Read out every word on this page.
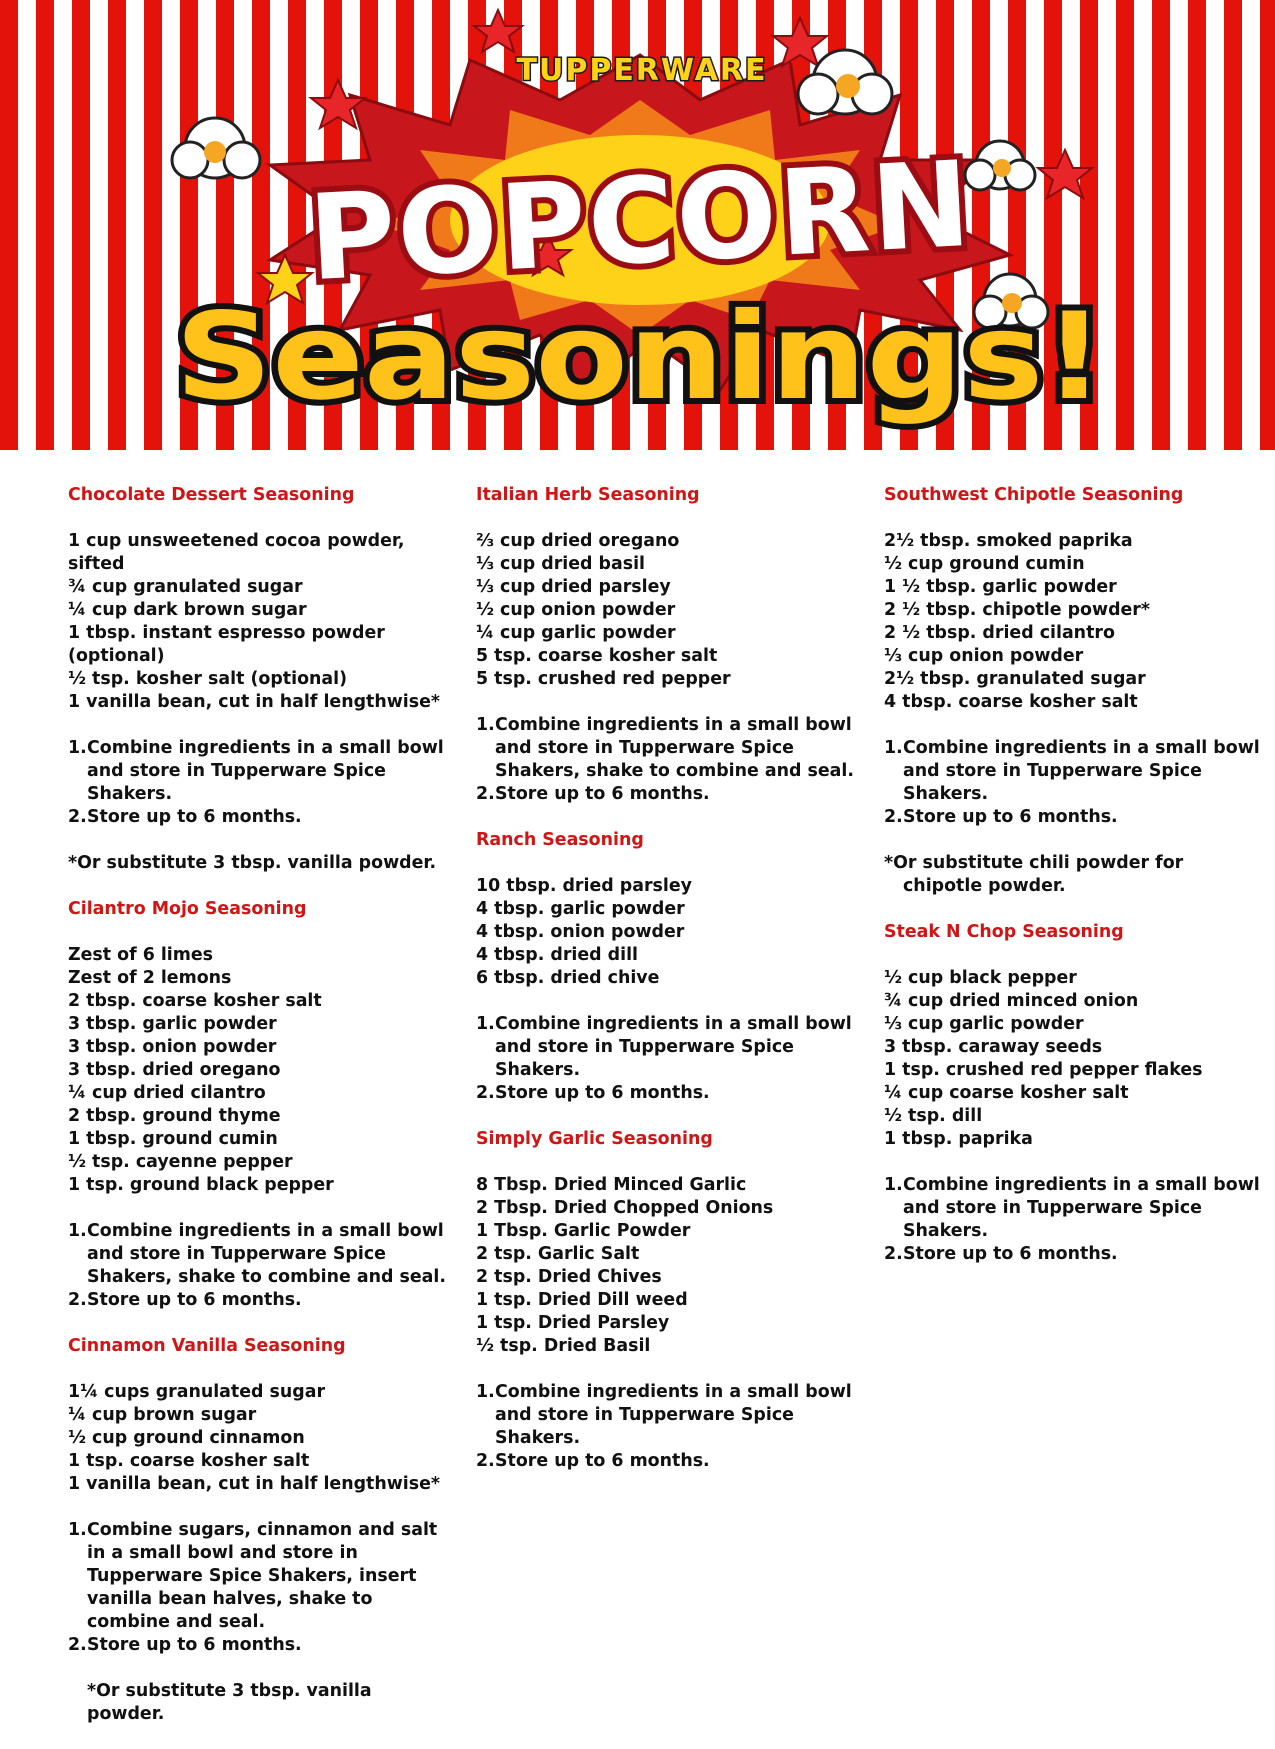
TUPPERWARE
POPCORN
Seasonings!
Chocolate Dessert Seasoning
1 cup unsweetened cocoa powder, sifted
¾ cup granulated sugar
¼ cup dark brown sugar
1 tbsp. instant espresso powder (optional)
½ tsp. kosher salt (optional)
1 vanilla bean, cut in half lengthwise*
1. Combine ingredients in a small bowl and store in Tupperware Spice Shakers.
2. Store up to 6 months.
*Or substitute 3 tbsp. vanilla powder.
Cilantro Mojo Seasoning
Zest of 6 limes
Zest of 2 lemons
2 tbsp. coarse kosher salt
3 tbsp. garlic powder
3 tbsp. onion powder
3 tbsp. dried oregano
¼ cup dried cilantro
2 tbsp. ground thyme
1 tbsp. ground cumin
½ tsp. cayenne pepper
1 tsp. ground black pepper
1. Combine ingredients in a small bowl and store in Tupperware Spice Shakers, shake to combine and seal.
2. Store up to 6 months.
Cinnamon Vanilla Seasoning
1¼ cups granulated sugar
¼ cup brown sugar
½ cup ground cinnamon
1 tsp. coarse kosher salt
1 vanilla bean, cut in half lengthwise*
1. Combine sugars, cinnamon and salt in a small bowl and store in Tupperware Spice Shakers, insert vanilla bean halves, shake to combine and seal.
2. Store up to 6 months.
*Or substitute 3 tbsp. vanilla powder.
Italian Herb Seasoning
⅔ cup dried oregano
⅓ cup dried basil
⅓ cup dried parsley
½ cup onion powder
¼ cup garlic powder
5 tsp. coarse kosher salt
5 tsp. crushed red pepper
1. Combine ingredients in a small bowl and store in Tupperware Spice Shakers, shake to combine and seal.
2. Store up to 6 months.
Ranch Seasoning
10 tbsp. dried parsley
4 tbsp. garlic powder
4 tbsp. onion powder
4 tbsp. dried dill
6 tbsp. dried chive
1. Combine ingredients in a small bowl and store in Tupperware Spice Shakers.
2. Store up to 6 months.
Simply Garlic Seasoning
8 Tbsp. Dried Minced Garlic
2 Tbsp. Dried Chopped Onions
1 Tbsp. Garlic Powder
2 tsp. Garlic Salt
2 tsp. Dried Chives
1 tsp. Dried Dill weed
1 tsp. Dried Parsley
½ tsp. Dried Basil
1. Combine ingredients in a small bowl and store in Tupperware Spice Shakers.
2. Store up to 6 months.
Southwest Chipotle Seasoning
2½ tbsp. smoked paprika
½ cup ground cumin
1 ½ tbsp. garlic powder
2 ½ tbsp. chipotle powder*
2 ½ tbsp. dried cilantro
⅓ cup onion powder
2½ tbsp. granulated sugar
4 tbsp. coarse kosher salt
1. Combine ingredients in a small bowl and store in Tupperware Spice Shakers.
2. Store up to 6 months.
*Or substitute chili powder for chipotle powder.
Steak N Chop Seasoning
½ cup black pepper
¾ cup dried minced onion
⅓ cup garlic powder
3 tbsp. caraway seeds
1 tsp. crushed red pepper flakes
¼ cup coarse kosher salt
½ tsp. dill
1 tbsp. paprika
1. Combine ingredients in a small bowl and store in Tupperware Spice Shakers.
2. Store up to 6 months.
